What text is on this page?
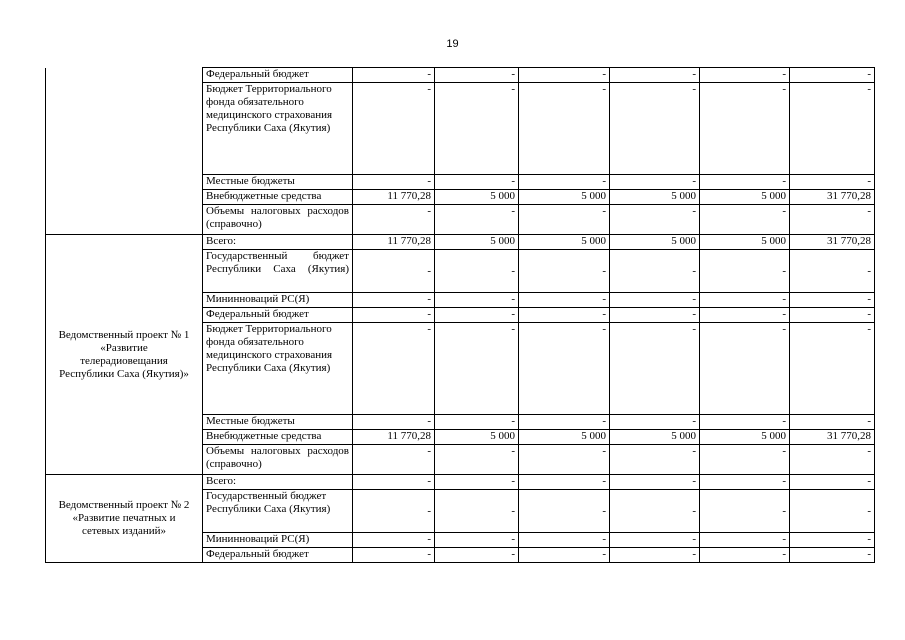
19
	Федеральный бюджет	-	-	-	-	-	-
	Бюджет Территориального фонда обязательного медицинского страхования Республики Саха (Якутия)	-	-	-	-	-	-
	Местные бюджеты	-	-	-	-	-	-
	Внебюджетные средства	11 770,28	5 000	5 000	5 000	5 000	31 770,28
	Объемы налоговых расходов (справочно)	-	-	-	-	-	-
Ведомственный проект № 1 «Развитие телерадиовещания Республики Саха (Якутия)»	Всего:	11 770,28	5 000	5 000	5 000	5 000	31 770,28
	Государственный бюджет Республики Саха (Якутия)	-	-	-	-	-	-
	Мининноваций РС(Я)	-	-	-	-	-	-
	Федеральный бюджет	-	-	-	-	-	-
	Бюджет Территориального фонда обязательного медицинского страхования Республики Саха (Якутия)	-	-	-	-	-	-
	Местные бюджеты	-	-	-	-	-	-
	Внебюджетные средства	11 770,28	5 000	5 000	5 000	5 000	31 770,28
	Объемы налоговых расходов (справочно)	-	-	-	-	-	-
Ведомственный проект № 2 «Развитие печатных и сетевых изданий»	Всего:	-	-	-	-	-	-
	Государственный бюджет Республики Саха (Якутия)	-	-	-	-	-	-
	Мининноваций РС(Я)	-	-	-	-	-	-
	Федеральный бюджет	-	-	-	-	-	-
